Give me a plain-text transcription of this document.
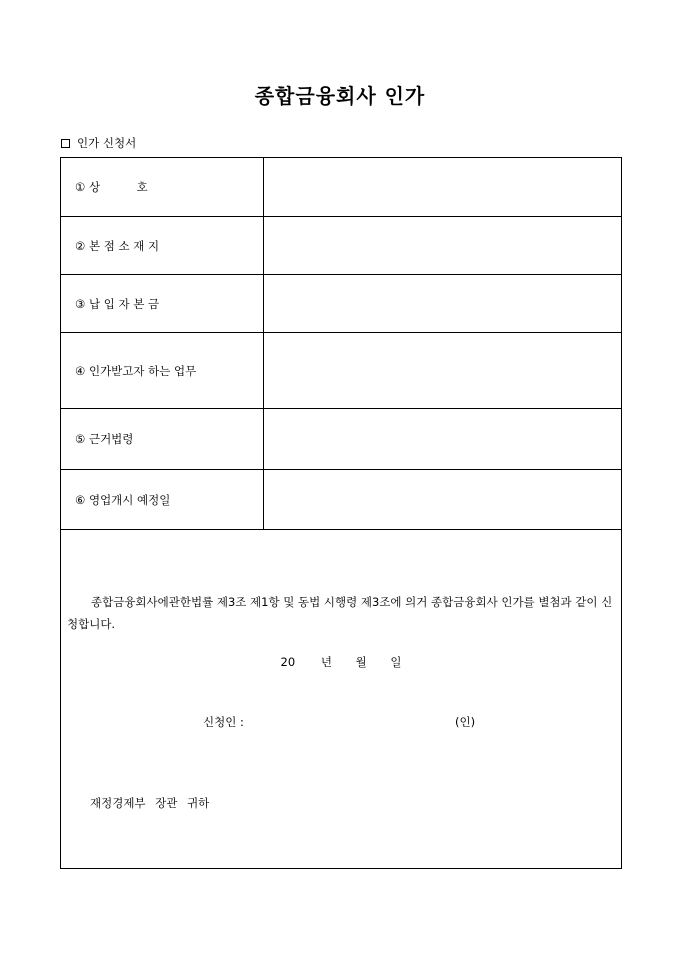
종합금융회사 인가
인가 신청서
① 상          호	
② 본 점 소 재 지	
③ 납 입 자 본 금	
④ 인가받고자 하는 업무	
⑤ 근거법령	
⑥ 영업개시 예정일	

종합금융회사에관한법률 제3조 제1항 및 동법 시행령 제3조에 의거 종합금융회사 인가를 별첨과 같이 신청합니다.
20 년 월 일
신청인 : (인)
재정경제부 장관 귀하	
